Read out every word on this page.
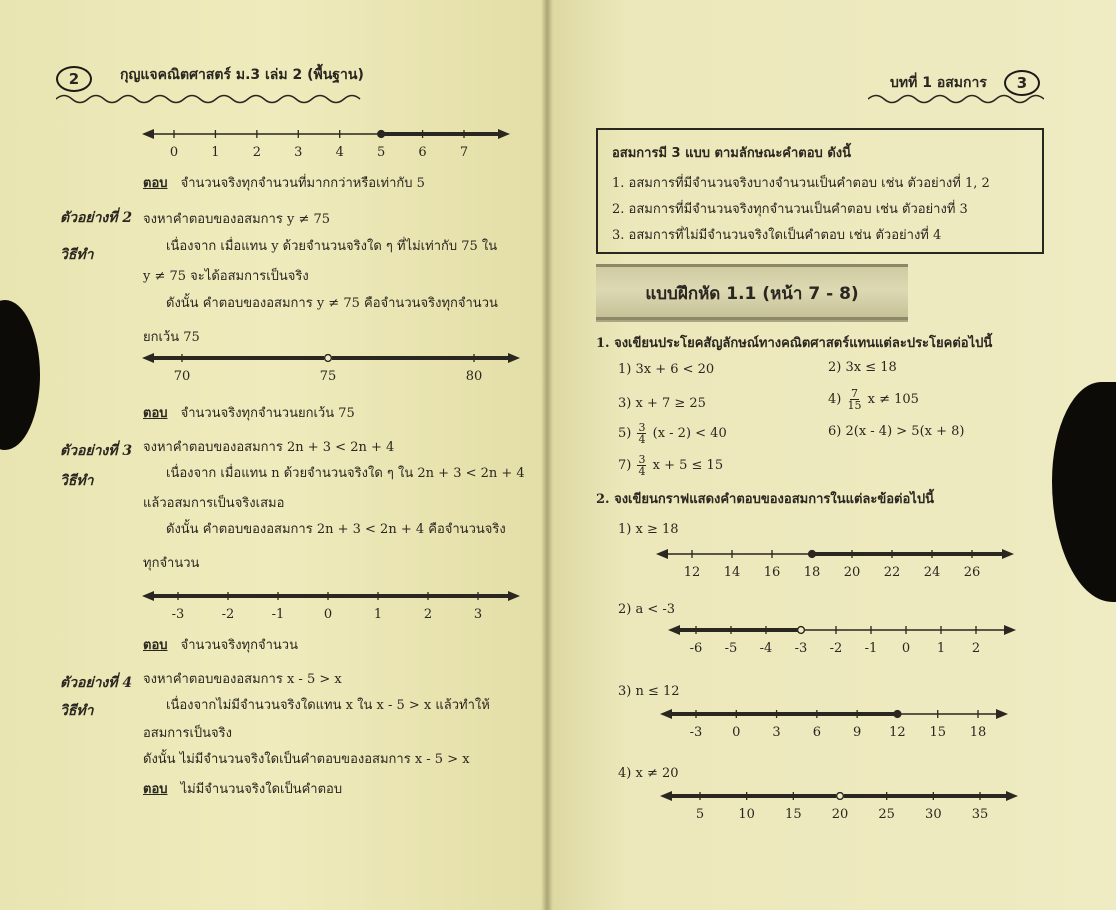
2	กุญแจคณิตศาสตร์ ม.3 เล่ม 2 (พื้นฐาน)
0	1	2	3	4	5	6	7
ตอบ จำนวนจริงทุกจำนวนที่มากกว่าหรือเท่ากับ 5
ตัวอย่างที่ 2 จงหาคำตอบของอสมการ y ≠ 75
วิธีทำ
เนื่องจาก เมื่อแทน y ด้วยจำนวนจริงใด ๆ ที่ไม่เท่ากับ 75 ใน
y ≠ 75 จะได้อสมการเป็นจริง
ดังนั้น คำตอบของอสมการ y ≠ 75 คือจำนวนจริงทุกจำนวน
ยกเว้น 75
70	75	80
ตอบ จำนวนจริงทุกจำนวนยกเว้น 75
ตัวอย่างที่ 3 จงหาคำตอบของอสมการ 2n + 3 < 2n + 4
วิธีทำ	เนื่องจาก เมื่อแทน n ด้วยจำนวนจริงใด ๆ ใน 2n + 3 < 2n + 4
แล้วอสมการเป็นจริงเสมอ
ดังนั้น คำตอบของอสมการ 2n + 3 < 2n + 4 คือจำนวนจริง
ทุกจำนวน
-3	-2	-1	0	1	2	3
ตอบ จำนวนจริงทุกจำนวน
ตัวอย่างที่ 4 จงหาคำตอบของอสมการ x - 5 > x
วิธีทำ	เนื่องจากไม่มีจำนวนจริงใดแทน x ใน x - 5 > x แล้วทำให้
อสมการเป็นจริง
ดังนั้น ไม่มีจำนวนจริงใดเป็นคำตอบของอสมการ x - 5 > x
ตอบ ไม่มีจำนวนจริงใดเป็นคำตอบ
บทที่ 1 อสมการ	3
อสมการมี 3 แบบ ตามลักษณะคำตอบ ดังนี้
1. อสมการที่มีจำนวนจริงบางจำนวนเป็นคำตอบ เช่น ตัวอย่างที่ 1, 2
2. อสมการที่มีจำนวนจริงทุกจำนวนเป็นคำตอบ เช่น ตัวอย่างที่ 3
3. อสมการที่ไม่มีจำนวนจริงใดเป็นคำตอบ เช่น ตัวอย่างที่ 4
แบบฝึกหัด 1.1 (หน้า 7 - 8)
1. จงเขียนประโยคสัญลักษณ์ทางคณิตศาสตร์แทนแต่ละประโยคต่อไปนี้
1) 3x + 6 < 20	2) 3x ≤ 18
3) x + 7 ≥ 25	$4) \frac{7}{15}$ x ≠ 105
$5) \frac{3}{4} (x - 2) < 40$	6) 2(x - 4) > 5(x + 8)
$7) \frac{3}{4}$ x + 5 ≤ 15
2. จงเขียนกราฟแสดงคำตอบของอสมการในแต่ละข้อต่อไปนี้
1) x ≥ 18
12 14 16 18 20 22 24 26
2) a < -3
-6 -5 -4 -3 -2 -1 0 1 2
3) n ≤ 12
-3 0 3 6 9 12 15 18
4) x ≠ 20
5	10 15 20 25 30 35
